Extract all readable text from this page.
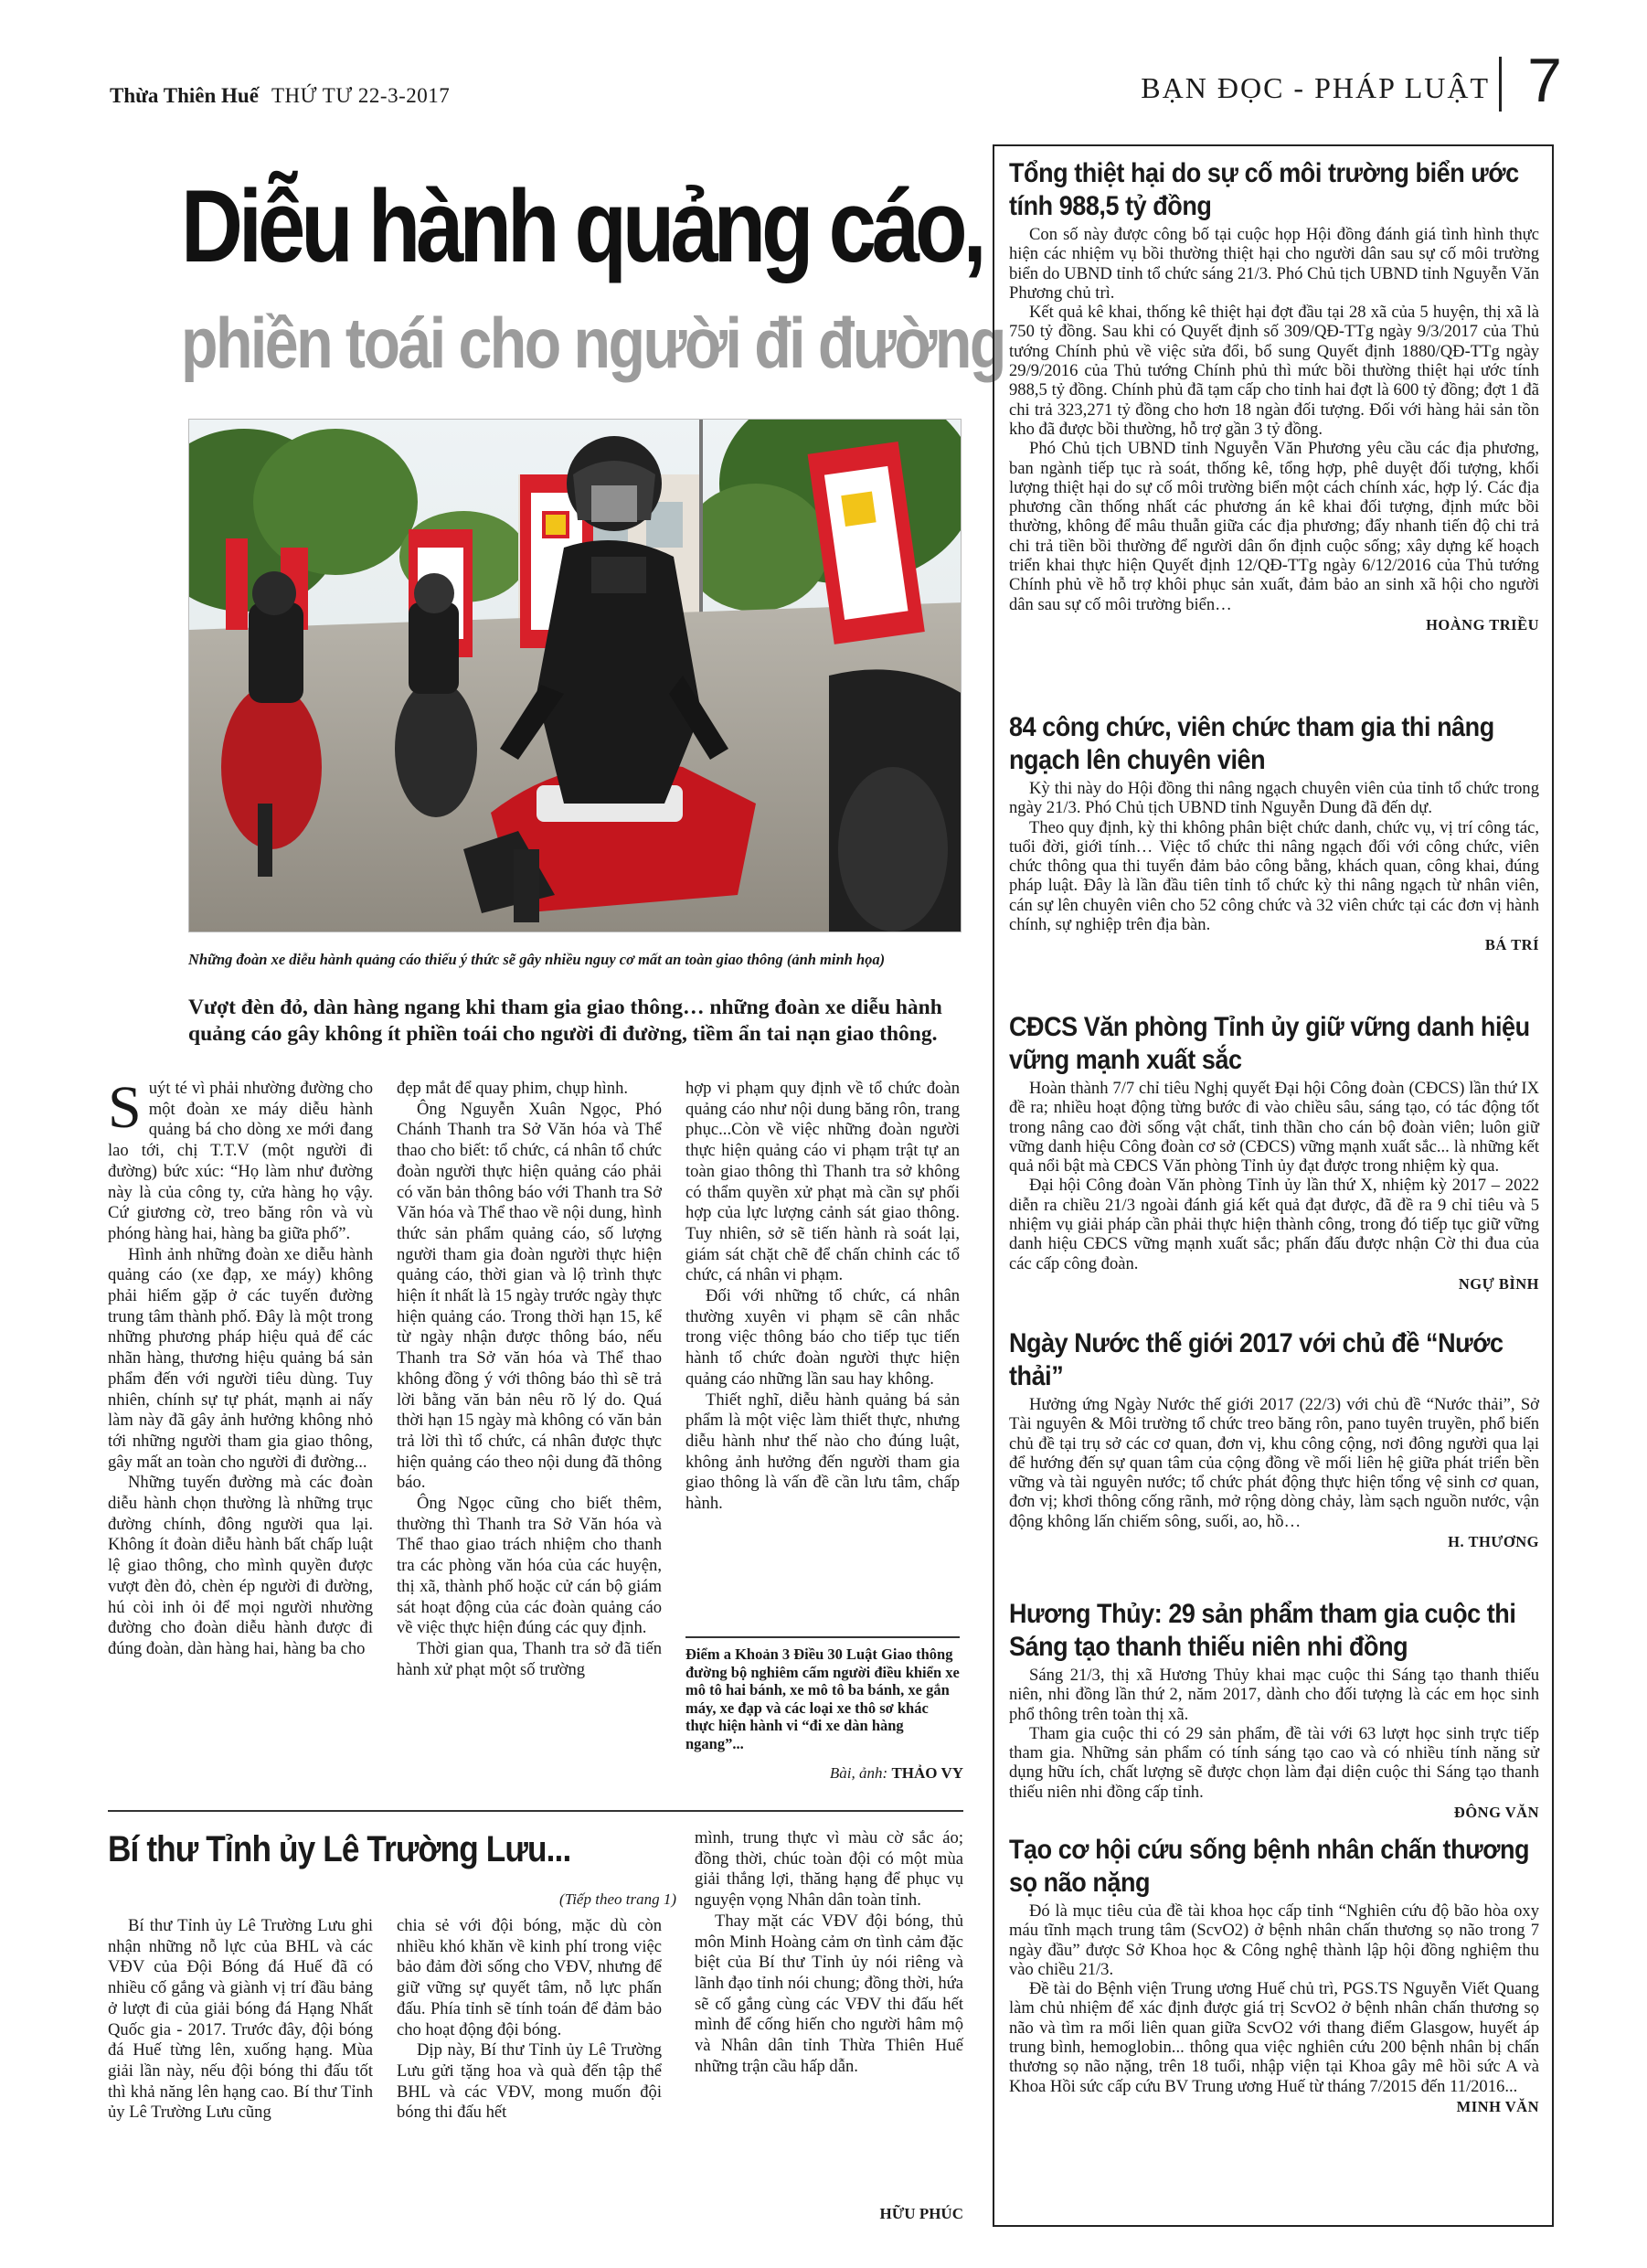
Thừa Thiên Huế THỨ TƯ 22-3-2017	BẠN ĐỌC - PHÁP LUẬT 7
Diễu hành quảng cáo,
phiền toái cho người đi đường
Những đoàn xe diễu hành quảng cáo thiếu ý thức sẽ gây nhiều nguy cơ mất an toàn giao thông (ảnh minh họa)
Vượt đèn đỏ, dàn hàng ngang khi tham gia giao thông… những đoàn xe diễu hành quảng cáo gây không ít phiền toái cho người đi đường, tiềm ẩn tai nạn giao thông.

Suýt té vì phải nhường đường cho một đoàn xe máy diễu hành quảng bá cho dòng xe mới đang lao tới, chị T.T.V (một người đi đường) bức xúc: “Họ làm như đường này là của công ty, cửa hàng họ vậy. Cứ giương cờ, treo băng rôn và vù phóng hàng hai, hàng ba giữa phố”.

Hình ảnh những đoàn xe diễu hành quảng cáo (xe đạp, xe máy) không phải hiếm gặp ở các tuyến đường trung tâm thành phố. Đây là một trong những phương pháp hiệu quả để các nhãn hàng, thương hiệu quảng bá sản phẩm đến với người tiêu dùng. Tuy nhiên, chính sự tự phát, mạnh ai nấy làm này đã gây ảnh hưởng không nhỏ tới những người tham gia giao thông, gây mất an toàn cho người đi đường...

Những tuyến đường mà các đoàn diễu hành chọn thường là những trục đường chính, đông người qua lại. Không ít đoàn diễu hành bất chấp luật lệ giao thông, cho mình quyền được vượt đèn đỏ, chèn ép người đi đường, hú còi inh ỏi để mọi người nhường đường cho đoàn diễu hành được đi đúng đoàn, dàn hàng hai, hàng ba cho

đẹp mắt để quay phim, chụp hình.

Ông Nguyễn Xuân Ngọc, Phó Chánh Thanh tra Sở Văn hóa và Thể thao cho biết: tổ chức, cá nhân tổ chức đoàn người thực hiện quảng cáo phải có văn bản thông báo với Thanh tra Sở Văn hóa và Thể thao về nội dung, hình thức sản phẩm quảng cáo, số lượng người tham gia đoàn người thực hiện quảng cáo, thời gian và lộ trình thực hiện ít nhất là 15 ngày trước ngày thực hiện quảng cáo. Trong thời hạn 15, kể từ ngày nhận được thông báo, nếu Thanh tra Sở văn hóa và Thể thao không đồng ý với thông báo thì sẽ trả lời bằng văn bản nêu rõ lý do. Quá thời hạn 15 ngày mà không có văn bản trả lời thì tổ chức, cá nhân được thực hiện quảng cáo theo nội dung đã thông báo.

Ông Ngọc cũng cho biết thêm, thường thì Thanh tra Sở Văn hóa và Thể thao giao trách nhiệm cho thanh tra các phòng văn hóa của các huyện, thị xã, thành phố hoặc cử cán bộ giám sát hoạt động của các đoàn quảng cáo về việc thực hiện đúng các quy định.

Thời gian qua, Thanh tra sở đã tiến hành xử phạt một số trường

hợp vi phạm quy định về tổ chức đoàn quảng cáo như nội dung băng rôn, trang phục...Còn về việc những đoàn người thực hiện quảng cáo vi phạm trật tự an toàn giao thông thì Thanh tra sở không có thẩm quyền xử phạt mà cần sự phối hợp của lực lượng cảnh sát giao thông. Tuy nhiên, sở sẽ tiến hành rà soát lại, giám sát chặt chẽ để chấn chỉnh các tổ chức, cá nhân vi phạm.

Đối với những tổ chức, cá nhân thường xuyên vi phạm sẽ cân nhắc trong việc thông báo cho tiếp tục tiến hành tổ chức đoàn người thực hiện quảng cáo những lần sau hay không.

Thiết nghĩ, diễu hành quảng bá sản phẩm là một việc làm thiết thực, nhưng diễu hành như thế nào cho đúng luật, không ảnh hưởng đến người tham gia giao thông là vấn đề cần lưu tâm, chấp hành.

Điểm a Khoản 3 Điều 30 Luật Giao thông đường bộ nghiêm cấm người điều khiển xe mô tô hai bánh, xe mô tô ba bánh, xe gắn máy, xe đạp và các loại xe thô sơ khác thực hiện hành vi “đi xe dàn hàng ngang”...
Bài, ảnh: THẢO VY
Bí thư Tỉnh ủy Lê Trường Lưu...
(Tiếp theo trang 1)

Bí thư Tỉnh ủy Lê Trường Lưu ghi nhận những nỗ lực của BHL và các VĐV của Đội Bóng đá Huế đã có nhiều cố gắng và giành vị trí đầu bảng ở lượt đi của giải bóng đá Hạng Nhất Quốc gia - 2017. Trước đây, đội bóng đá Huế từng lên, xuống hạng. Mùa giải lần này, nếu đội bóng thi đấu tốt thì khả năng lên hạng cao. Bí thư Tỉnh ủy Lê Trường Lưu cũng

chia sẻ với đội bóng, mặc dù còn nhiều khó khăn về kinh phí trong việc bảo đảm đời sống cho VĐV, nhưng để giữ vững sự quyết tâm, nỗ lực phấn đấu. Phía tỉnh sẽ tính toán để đảm bảo cho hoạt động đội bóng.

Dịp này, Bí thư Tỉnh ủy Lê Trường Lưu gửi tặng hoa và quà đến tập thể BHL và các VĐV, mong muốn đội bóng thi đấu hết

mình, trung thực vì màu cờ sắc áo; đồng thời, chúc toàn đội có một mùa giải thắng lợi, thăng hạng để phục vụ nguyện vọng Nhân dân toàn tỉnh.

Thay mặt các VĐV đội bóng, thủ môn Minh Hoàng cảm ơn tình cảm đặc biệt của Bí thư Tỉnh ủy nói riêng và lãnh đạo tỉnh nói chung; đồng thời, hứa sẽ cố gắng cùng các VĐV thi đấu hết mình để cống hiến cho người hâm mộ và Nhân dân tỉnh Thừa Thiên Huế những trận cầu hấp dẫn.

HỮU PHÚC
Tổng thiệt hại do sự cố môi trường biển ước tính 988,5 tỷ đồng

Con số này được công bố tại cuộc họp Hội đồng đánh giá tình hình thực hiện các nhiệm vụ bồi thường thiệt hại cho người dân sau sự cố môi trường biển do UBND tỉnh tổ chức sáng 21/3. Phó Chủ tịch UBND tỉnh Nguyễn Văn Phương chủ trì.

Kết quả kê khai, thống kê thiệt hại đợt đầu tại 28 xã của 5 huyện, thị xã là 750 tỷ đồng. Sau khi có Quyết định số 309/QĐ-TTg ngày 9/3/2017 của Thủ tướng Chính phủ về việc sửa đổi, bổ sung Quyết định 1880/QĐ-TTg ngày 29/9/2016 của Thủ tướng Chính phủ thì mức bồi thường thiệt hại ước tính 988,5 tỷ đồng. Chính phủ đã tạm cấp cho tỉnh hai đợt là 600 tỷ đồng; đợt 1 đã chi trả 323,271 tỷ đồng cho hơn 18 ngàn đối tượng. Đối với hàng hải sản tồn kho đã được bồi thường, hỗ trợ gần 3 tỷ đồng.

Phó Chủ tịch UBND tỉnh Nguyễn Văn Phương yêu cầu các địa phương, ban ngành tiếp tục rà soát, thống kê, tổng hợp, phê duyệt đối tượng, khối lượng thiệt hại do sự cố môi trường biển một cách chính xác, hợp lý. Các địa phương cần thống nhất các phương án kê khai đối tượng, định mức bồi thường, không để mâu thuẫn giữa các địa phương; đẩy nhanh tiến độ chi trả chi trả tiền bồi thường để người dân ổn định cuộc sống; xây dựng kế hoạch triển khai thực hiện Quyết định 12/QĐ-TTg ngày 6/12/2016 của Thủ tướng Chính phủ về hỗ trợ khôi phục sản xuất, đảm bảo an sinh xã hội cho người dân sau sự cố môi trường biển…

HOÀNG TRIỀU
84 công chức, viên chức tham gia thi nâng ngạch lên chuyên viên

Kỳ thi này do Hội đồng thi nâng ngạch chuyên viên của tỉnh tổ chức trong ngày 21/3. Phó Chủ tịch UBND tỉnh Nguyễn Dung đã đến dự.

Theo quy định, kỳ thi không phân biệt chức danh, chức vụ, vị trí công tác, tuổi đời, giới tính… Việc tổ chức thi nâng ngạch đối với công chức, viên chức thông qua thi tuyển đảm bảo công bằng, khách quan, công khai, đúng pháp luật. Đây là lần đầu tiên tỉnh tổ chức kỳ thi nâng ngạch từ nhân viên, cán sự lên chuyên viên cho 52 công chức và 32 viên chức tại các đơn vị hành chính, sự nghiệp trên địa bàn.

BÁ TRÍ
CĐCS Văn phòng Tỉnh ủy giữ vững danh hiệu vững mạnh xuất sắc

Hoàn thành 7/7 chỉ tiêu Nghị quyết Đại hội Công đoàn (CĐCS) lần thứ IX đề ra; nhiều hoạt động từng bước đi vào chiều sâu, sáng tạo, có tác động tốt trong nâng cao đời sống vật chất, tinh thần cho cán bộ đoàn viên; luôn giữ vững danh hiệu Công đoàn cơ sở (CĐCS) vững mạnh xuất sắc... là những kết quả nổi bật mà CĐCS Văn phòng Tỉnh ủy đạt được trong nhiệm kỳ qua.

Đại hội Công đoàn Văn phòng Tỉnh ủy lần thứ X, nhiệm kỳ 2017 – 2022 diễn ra chiều 21/3 ngoài đánh giá kết quả đạt được, đã đề ra 9 chỉ tiêu và 5 nhiệm vụ giải pháp cần phải thực hiện thành công, trong đó tiếp tục giữ vững danh hiệu CĐCS vững mạnh xuất sắc; phấn đấu được nhận Cờ thi đua của các cấp công đoàn.

NGỰ BÌNH
Ngày Nước thế giới 2017 với chủ đề “Nước thải”

Hưởng ứng Ngày Nước thế giới 2017 (22/3) với chủ đề “Nước thải”, Sở Tài nguyên & Môi trường tổ chức treo băng rôn, pano tuyên truyền, phổ biến chủ đề tại trụ sở các cơ quan, đơn vị, khu công cộng, nơi đông người qua lại để hướng đến sự quan tâm của cộng đồng về mối liên hệ giữa phát triển bền vững và tài nguyên nước; tổ chức phát động thực hiện tổng vệ sinh cơ quan, đơn vị; khơi thông cống rãnh, mở rộng dòng chảy, làm sạch nguồn nước, vận động không lấn chiếm sông, suối, ao, hồ…

H. THƯƠNG
Hương Thủy: 29 sản phẩm tham gia cuộc thi Sáng tạo thanh thiếu niên nhi đồng

Sáng 21/3, thị xã Hương Thủy khai mạc cuộc thi Sáng tạo thanh thiếu niên, nhi đồng lần thứ 2, năm 2017, dành cho đối tượng là các em học sinh phổ thông trên toàn thị xã.

Tham gia cuộc thi có 29 sản phẩm, đề tài với 63 lượt học sinh trực tiếp tham gia. Những sản phẩm có tính sáng tạo cao và có nhiều tính năng sử dụng hữu ích, chất lượng sẽ được chọn làm đại diện cuộc thi Sáng tạo thanh thiếu niên nhi đồng cấp tỉnh.

ĐÔNG VĂN
Tạo cơ hội cứu sống bệnh nhân chấn thương sọ não nặng

Đó là mục tiêu của đề tài khoa học cấp tỉnh “Nghiên cứu độ bão hòa oxy máu tĩnh mạch trung tâm (ScvO2) ở bệnh nhân chấn thương sọ não trong 7 ngày đầu” được Sở Khoa học & Công nghệ thành lập hội đồng nghiệm thu vào chiều 21/3.

Đề tài do Bệnh viện Trung ương Huế chủ trì, PGS.TS Nguyễn Viết Quang làm chủ nhiệm để xác định được giá trị ScvO2 ở bệnh nhân chấn thương sọ não và tìm ra mối liên quan giữa ScvO2 với thang điểm Glasgow, huyết áp trung bình, hemoglobin... thông qua việc nghiên cứu 200 bệnh nhân bị chấn thương sọ não nặng, trên 18 tuổi, nhập viện tại Khoa gây mê hồi sức A và Khoa Hồi sức cấp cứu BV Trung ương Huế từ tháng 7/2015 đến 11/2016...

MINH VĂN
